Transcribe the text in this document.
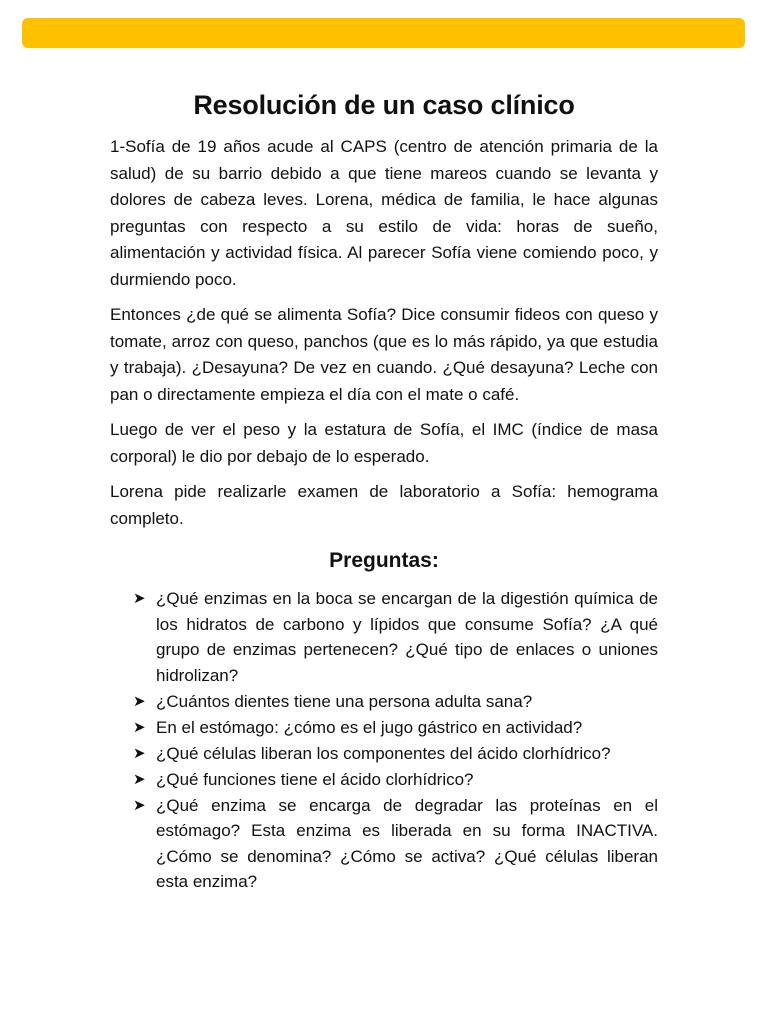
Resolución de un caso clínico

1-Sofía de 19 años acude al CAPS (centro de atención primaria de la salud) de su barrio debido a que tiene mareos cuando se levanta y dolores de cabeza leves. Lorena, médica de familia, le hace algunas preguntas con respecto a su estilo de vida: horas de sueño, alimentación y actividad física. Al parecer Sofía viene comiendo poco, y durmiendo poco.

Entonces ¿de qué se alimenta Sofía? Dice consumir fideos con queso y tomate, arroz con queso, panchos (que es lo más rápido, ya que estudia y trabaja). ¿Desayuna? De vez en cuando. ¿Qué desayuna? Leche con pan o directamente empieza el día con el mate o café.

Luego de ver el peso y la estatura de Sofía, el IMC (índice de masa corporal) le dio por debajo de lo esperado.

Lorena pide realizarle examen de laboratorio a Sofía: hemograma completo.

Preguntas:
➤ ¿Qué enzimas en la boca se encargan de la digestión química de los hidratos de carbono y lípidos que consume Sofía? ¿A qué grupo de enzimas pertenecen? ¿Qué tipo de enlaces o uniones hidrolizan?
➤ ¿Cuántos dientes tiene una persona adulta sana?
➤ En el estómago: ¿cómo es el jugo gástrico en actividad?
➤ ¿Qué células liberan los componentes del ácido clorhídrico?
➤ ¿Qué funciones tiene el ácido clorhídrico?
➤ ¿Qué enzima se encarga de degradar las proteínas en el estómago? Esta enzima es liberada en su forma INACTIVA. ¿Cómo se denomina? ¿Cómo se activa? ¿Qué células liberan esta enzima?
